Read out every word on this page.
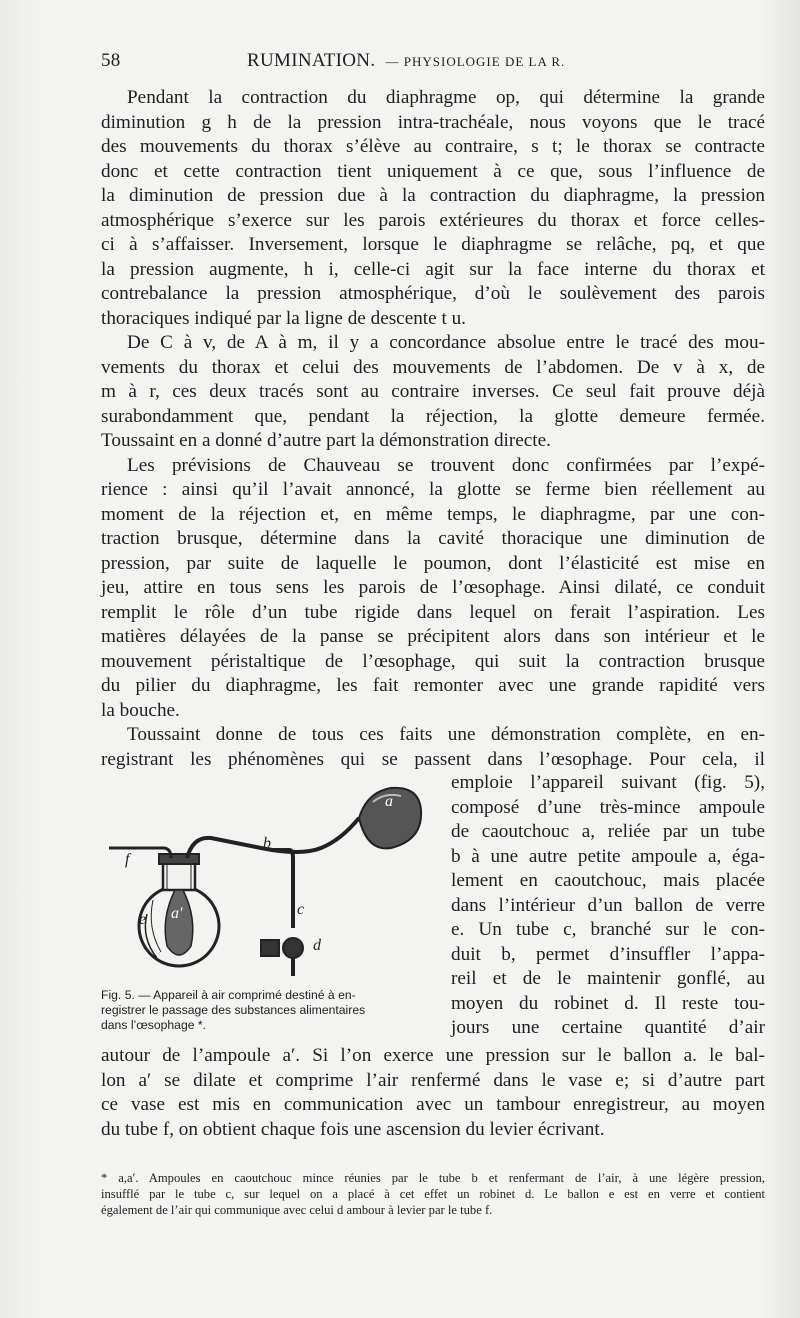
58	RUMINATION. — PHYSIOLOGIE DE LA R.
Pendant la contraction du diaphragme op, qui détermine la grande
diminution g h de la pression intra-trachéale, nous voyons que le tracé
des mouvements du thorax s’élève au contraire, s t; le thorax se contracte
donc et cette contraction tient uniquement à ce que, sous l’influence de
la diminution de pression due à la contraction du diaphragme, la pression
atmosphérique s’exerce sur les parois extérieures du thorax et force celles-
ci à s’affaisser. Inversement, lorsque le diaphragme se relâche, pq, et que
la pression augmente, h i, celle-ci agit sur la face interne du thorax et
contrebalance la pression atmosphérique, d’où le soulèvement des parois
thoraciques indiqué par la ligne de descente t u.
De C à v, de A à m, il y a concordance absolue entre le tracé des mou-
vements du thorax et celui des mouvements de l’abdomen. De v à x, de
m à r, ces deux tracés sont au contraire inverses. Ce seul fait prouve déjà
surabondamment que, pendant la réjection, la glotte demeure fermée.
Toussaint en a donné d’autre part la démonstration directe.
Les prévisions de Chauveau se trouvent donc confirmées par l’expé-
rience : ainsi qu’il l’avait annoncé, la glotte se ferme bien réellement au
moment de la réjection et, en même temps, le diaphragme, par une con-
traction brusque, détermine dans la cavité thoracique une diminution de
pression, par suite de laquelle le poumon, dont l’élasticité est mise en
jeu, attire en tous sens les parois de l’œsophage. Ainsi dilaté, ce conduit
remplit le rôle d’un tube rigide dans lequel on ferait l’aspiration. Les
matières délayées de la panse se précipitent alors dans son intérieur et le
mouvement péristaltique de l’œsophage, qui suit la contraction brusque
du pilier du diaphragme, les fait remonter avec une grande rapidité vers
la bouche.
Toussaint donne de tous ces faits une démonstration complète, en en-
registrant les phénomènes qui se passent dans l’œsophage. Pour cela, il
f
b
c
d
e
a
a'
Fig. 5. — Appareil à air comprimé destiné à en-
registrer le passage des substances alimentaires
dans l’œsophage *.
emploie l’appareil suivant (fig. 5),
composé d’une très-mince ampoule
de caoutchouc a, reliée par un tube
b à une autre petite ampoule a, éga-
lement en caoutchouc, mais placée
dans l’intérieur d’un ballon de verre
e. Un tube c, branché sur le con-
duit b, permet d’insuffler l’appa-
reil et de le maintenir gonflé, au
moyen du robinet d. Il reste tou-
jours une certaine quantité d’air
autour de l’ampoule a′. Si l’on exerce une pression sur le ballon a. le bal-
lon a′ se dilate et comprime l’air renfermé dans le vase e; si d’autre part
ce vase est mis en communication avec un tambour enregistreur, au moyen
du tube f, on obtient chaque fois une ascension du levier écrivant.
* a,a′. Ampoules en caoutchouc mince réunies par le tube b et renfermant de l’air, à une légère pression,
insufflé par le tube c, sur lequel on a placé à cet effet un robinet d. Le ballon e est en verre et contient
également de l’air qui communique avec celui d ambour à levier par le tube f.
